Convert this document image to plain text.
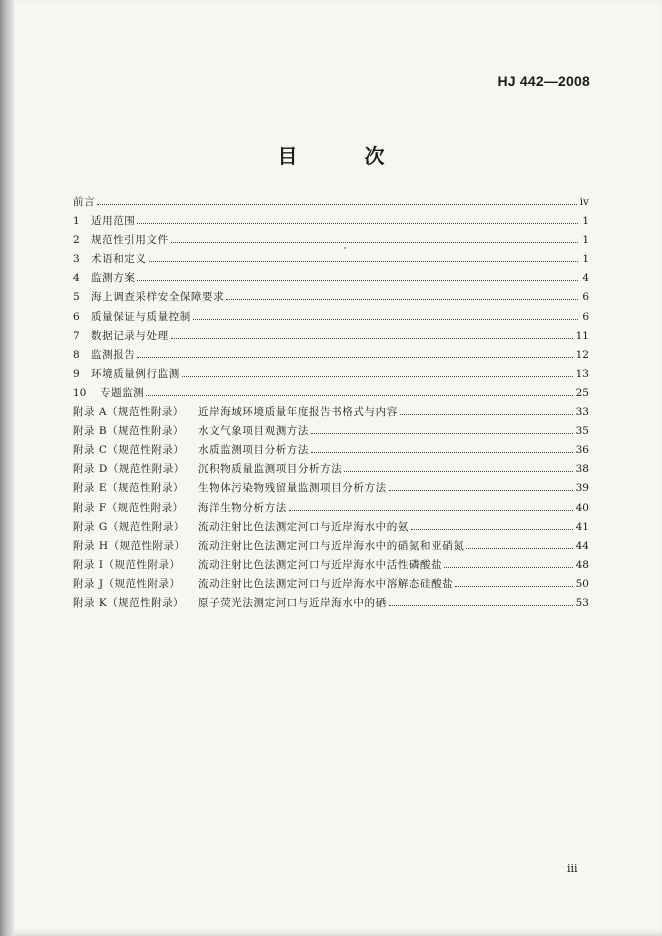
HJ 442—2008
目 次
前言	iv
1	适用范围	1
2	规范性引用文件	1
3	术语和定义	1
4	监测方案	4
5	海上调查采样安全保障要求	6
6	质量保证与质量控制	6
7	数据记录与处理	11
8	监测报告	12
9	环境质量例行监测	13
10	专题监测	25
附录 A（规范性附录）	近岸海域环境质量年度报告书格式与内容	33
附录 B（规范性附录）	水文气象项目观测方法	35
附录 C（规范性附录）	水质监测项目分析方法	36
附录 D（规范性附录）	沉积物质量监测项目分析方法	38
附录 E（规范性附录）	生物体污染物残留量监测项目分析方法	39
附录 F（规范性附录）	海洋生物分析方法	40
附录 G（规范性附录）	流动注射比色法测定河口与近岸海水中的氨	41
附录 H（规范性附录）	流动注射比色法测定河口与近岸海水中的硝氮和亚硝氮	44
附录 I（规范性附录）	流动注射比色法测定河口与近岸海水中活性磷酸盐	48
附录 J（规范性附录）	流动注射比色法测定河口与近岸海水中溶解态硅酸盐	50
附录 K（规范性附录）	原子荧光法测定河口与近岸海水中的硒	53
iii
